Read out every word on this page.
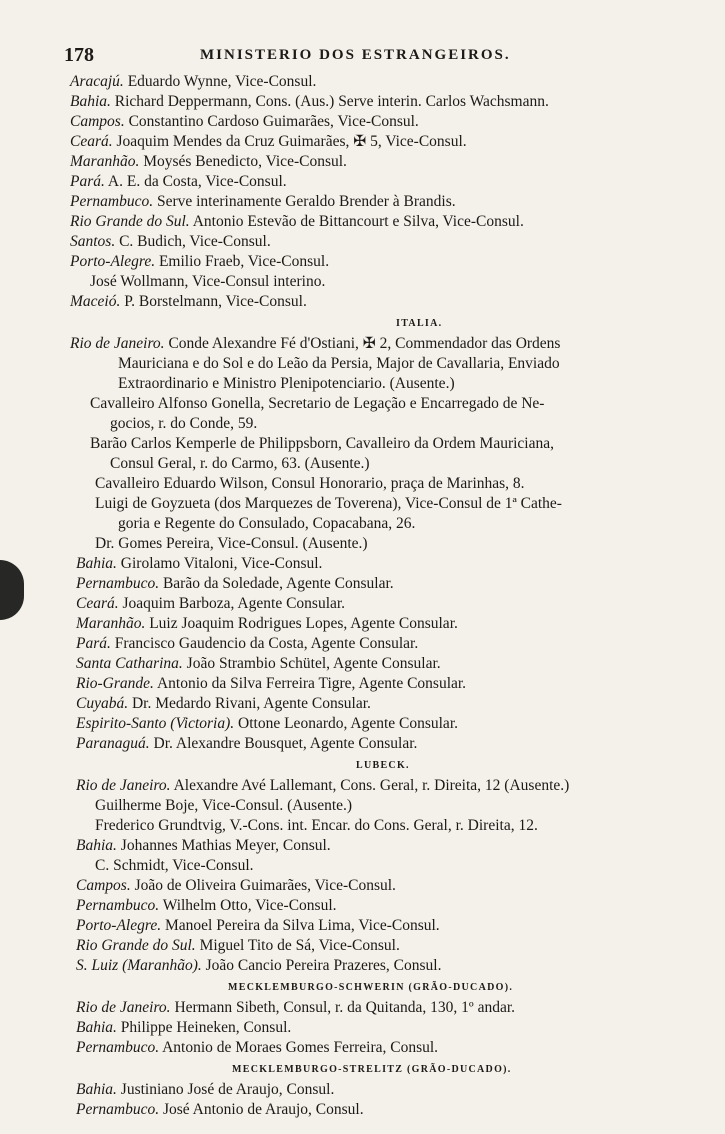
178	MINISTERIO DOS ESTRANGEIROS.
Aracajú. Eduardo Wynne, Vice-Consul.
Bahia. Richard Deppermann, Cons. (Aus.) Serve interin. Carlos Wachsmann.
Campos. Constantino Cardoso Guimarães, Vice-Consul.
Ceará. Joaquim Mendes da Cruz Guimarães, ✠ 5, Vice-Consul.
Maranhão. Moysés Benedicto, Vice-Consul.
Pará. A. E. da Costa, Vice-Consul.
Pernambuco. Serve interinamente Geraldo Brender à Brandis.
Rio Grande do Sul. Antonio Estevão de Bittancourt e Silva, Vice-Consul.
Santos. C. Budich, Vice-Consul.
Porto-Alegre. Emilio Fraeb, Vice-Consul.
José Wollmann, Vice-Consul interino.
Maceió. P. Borstelmann, Vice-Consul.
Rio de Janeiro. Conde Alexandre Fé d'Ostiani, ✠ 2, Commendador das Ordens
Mauriciana e do Sol e do Leão da Persia, Major de Cavallaria, Enviado
Extraordinario e Ministro Plenipotenciario. (Ausente.)
Cavalleiro Alfonso Gonella, Secretario de Legação e Encarregado de Ne-
gocios, r. do Conde, 59.
Barão Carlos Kemperle de Philippsborn, Cavalleiro da Ordem Mauriciana,
Consul Geral, r. do Carmo, 63. (Ausente.)
Cavalleiro Eduardo Wilson, Consul Honorario, praça de Marinhas, 8.
Luigi de Goyzueta (dos Marquezes de Toverena), Vice-Consul de 1ª Cathe-
goria e Regente do Consulado, Copacabana, 26.
Dr. Gomes Pereira, Vice-Consul. (Ausente.)
Bahia. Girolamo Vitaloni, Vice-Consul.
Pernambuco. Barão da Soledade, Agente Consular.
Ceará. Joaquim Barboza, Agente Consular.
Maranhão. Luiz Joaquim Rodrigues Lopes, Agente Consular.
Pará. Francisco Gaudencio da Costa, Agente Consular.
Santa Catharina. João Strambio Schütel, Agente Consular.
Rio-Grande. Antonio da Silva Ferreira Tigre, Agente Consular.
Cuyabá. Dr. Medardo Rivani, Agente Consular.
Espirito-Santo (Victoria). Ottone Leonardo, Agente Consular.
Paranaguá. Dr. Alexandre Bousquet, Agente Consular.
Rio de Janeiro. Alexandre Avé Lallemant, Cons. Geral, r. Direita, 12 (Ausente.)
Guilherme Boje, Vice-Consul. (Ausente.)
Frederico Grundtvig, V.-Cons. int. Encar. do Cons. Geral, r. Direita, 12.
Bahia. Johannes Mathias Meyer, Consul.
C. Schmidt, Vice-Consul.
Campos. João de Oliveira Guimarães, Vice-Consul.
Pernambuco. Wilhelm Otto, Vice-Consul.
Porto-Alegre. Manoel Pereira da Silva Lima, Vice-Consul.
Rio Grande do Sul. Miguel Tito de Sá, Vice-Consul.
S. Luiz (Maranhão). João Cancio Pereira Prazeres, Consul.
Rio de Janeiro. Hermann Sibeth, Consul, r. da Quitanda, 130, 1º andar.
Bahia. Philippe Heineken, Consul.
Pernambuco. Antonio de Moraes Gomes Ferreira, Consul.
Bahia. Justiniano José de Araujo, Consul.
Pernambuco. José Antonio de Araujo, Consul.
ITALIA.
LUBECK.
MECKLEMBURGO-SCHWERIN (GRÃO-DUCADO).
MECKLEMBURGO-STRELITZ (GRÃO-DUCADO).
